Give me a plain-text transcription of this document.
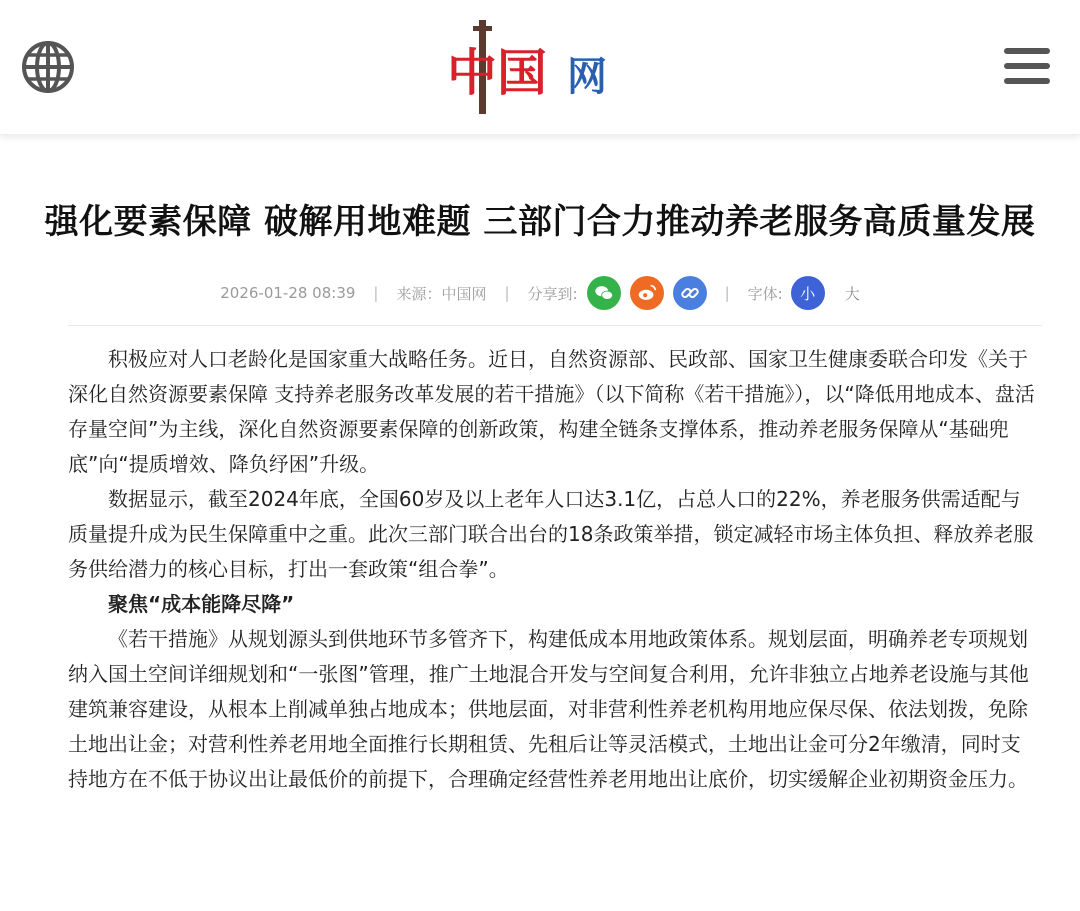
中国 网
强化要素保障 破解用地难题 三部门合力推动养老服务高质量发展
2026-01-28 08:39 | 来源：中国网 | 分享到:	| 字体:	小	大

积极应对人口老龄化是国家重大战略任务。近日，自然资源部、民政部、国家卫生健康委联合印发《关于深化自然资源要素保障 支持养老服务改革发展的若干措施》（以下简称《若干措施》），以“降低用地成本、盘活存量空间”为主线，深化自然资源要素保障的创新政策，构建全链条支撑体系，推动养老服务保障从“基础兜底”向“提质增效、降负纾困”升级。

数据显示，截至2024年底，全国60岁及以上老年人口达3.1亿，占总人口的22%，养老服务供需适配与质量提升成为民生保障重中之重。此次三部门联合出台的18条政策举措，锁定减轻市场主体负担、释放养老服务供给潜力的核心目标，打出一套政策“组合拳”。

聚焦“成本能降尽降”

《若干措施》从规划源头到供地环节多管齐下，构建低成本用地政策体系。规划层面，明确养老专项规划纳入国土空间详细规划和“一张图”管理，推广土地混合开发与空间复合利用，允许非独立占地养老设施与其他建筑兼容建设，从根本上削减单独占地成本；供地层面，对非营利性养老机构用地应保尽保、依法划拨，免除土地出让金；对营利性养老用地全面推行长期租赁、先租后让等灵活模式，土地出让金可分2年缴清，同时支持地方在不低于协议出让最低价的前提下，合理确定经营性养老用地出让底价，切实缓解企业初期资金压力。
